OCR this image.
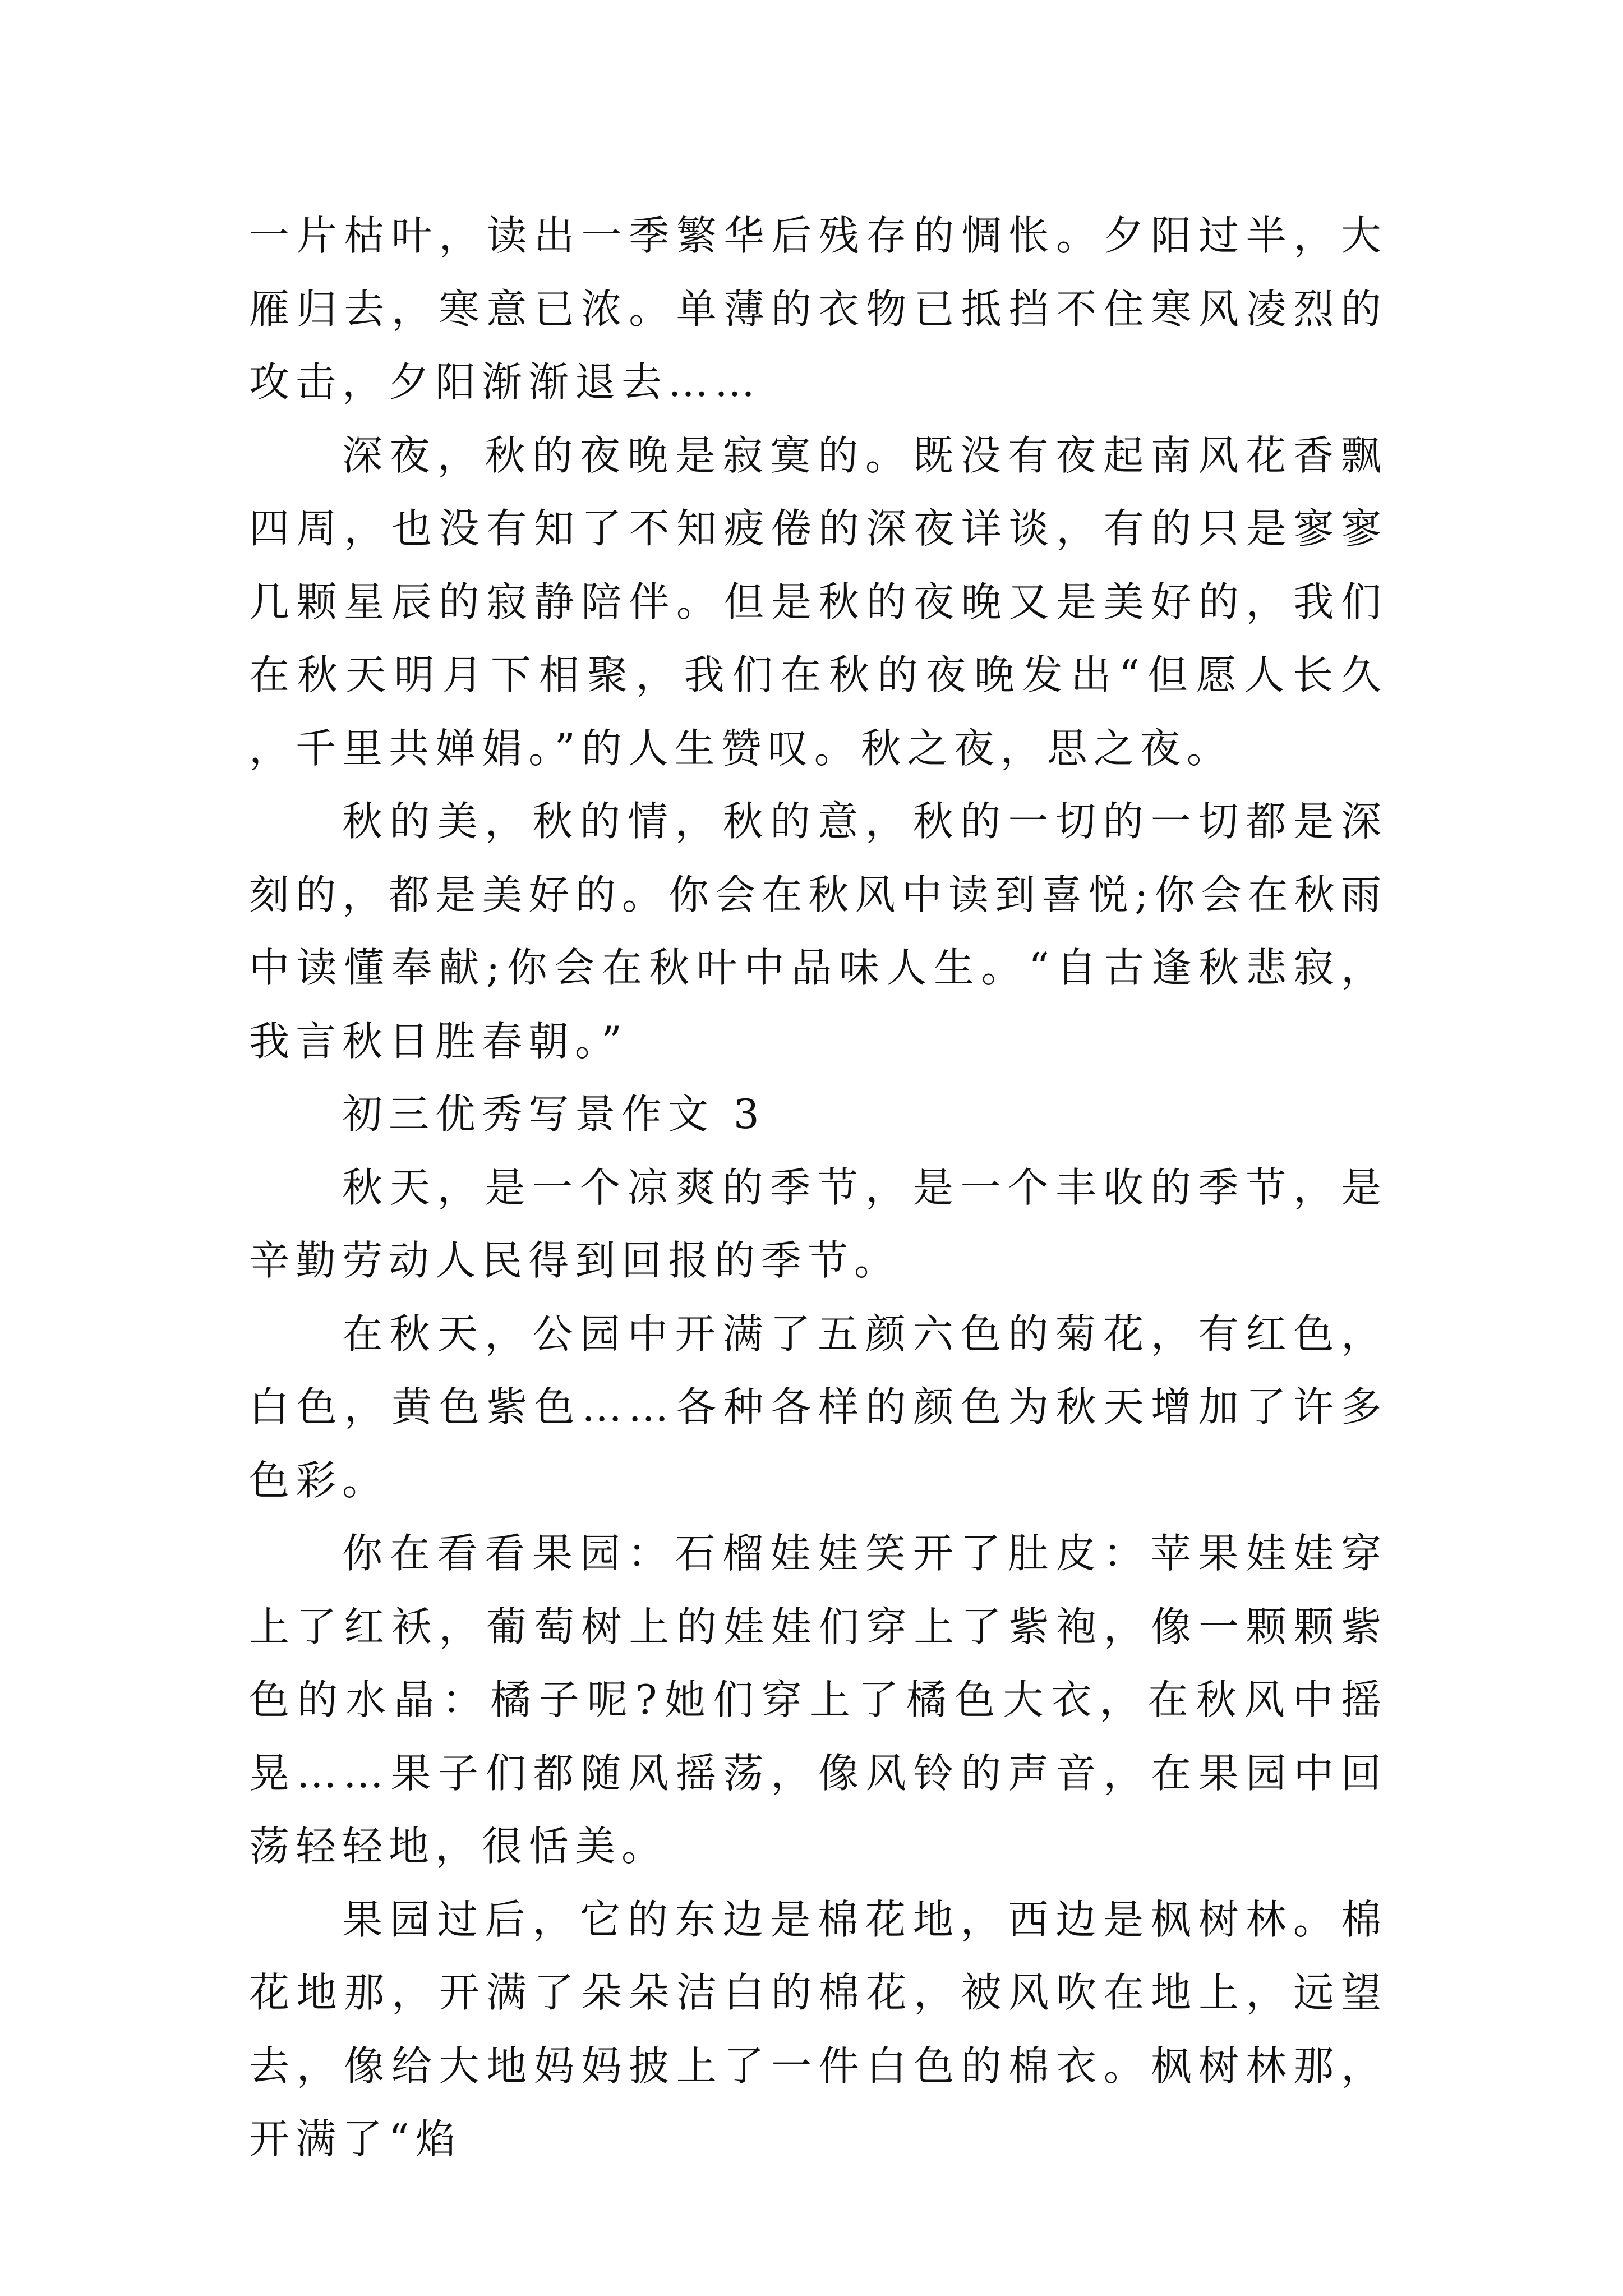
一片枯叶，读出一季繁华后残存的惆怅。夕阳过半，大雁归去，寒意已浓。单薄的衣物已抵挡不住寒风凌烈的攻击，夕阳渐渐退去……

深夜，秋的夜晚是寂寞的。既没有夜起南风花香飘四周，也没有知了不知疲倦的深夜详谈，有的只是寥寥几颗星辰的寂静陪伴。但是秋的夜晚又是美好的，我们在秋天明月下相聚，我们在秋的夜晚发出“但愿人长久，千里共婵娟。”的人生赞叹。秋之夜，思之夜。

秋的美，秋的情，秋的意，秋的一切的一切都是深刻的，都是美好的。你会在秋风中读到喜悦;你会在秋雨中读懂奉献;你会在秋叶中品味人生。“自古逢秋悲寂，我言秋日胜春朝。”

初三优秀写景作文 3

秋天，是一个凉爽的季节，是一个丰收的季节，是辛勤劳动人民得到回报的季节。

在秋天，公园中开满了五颜六色的菊花，有红色，白色，黄色紫色……各种各样的颜色为秋天增加了许多色彩。

你在看看果园：石榴娃娃笑开了肚皮：苹果娃娃穿上了红袄，葡萄树上的娃娃们穿上了紫袍，像一颗颗紫色的水晶：橘子呢?她们穿上了橘色大衣，在秋风中摇晃……果子们都随风摇荡，像风铃的声音，在果园中回荡轻轻地，很恬美。

果园过后，它的东边是棉花地，西边是枫树林。棉花地那，开满了朵朵洁白的棉花，被风吹在地上，远望去，像给大地妈妈披上了一件白色的棉衣。枫树林那，开满了“焰
